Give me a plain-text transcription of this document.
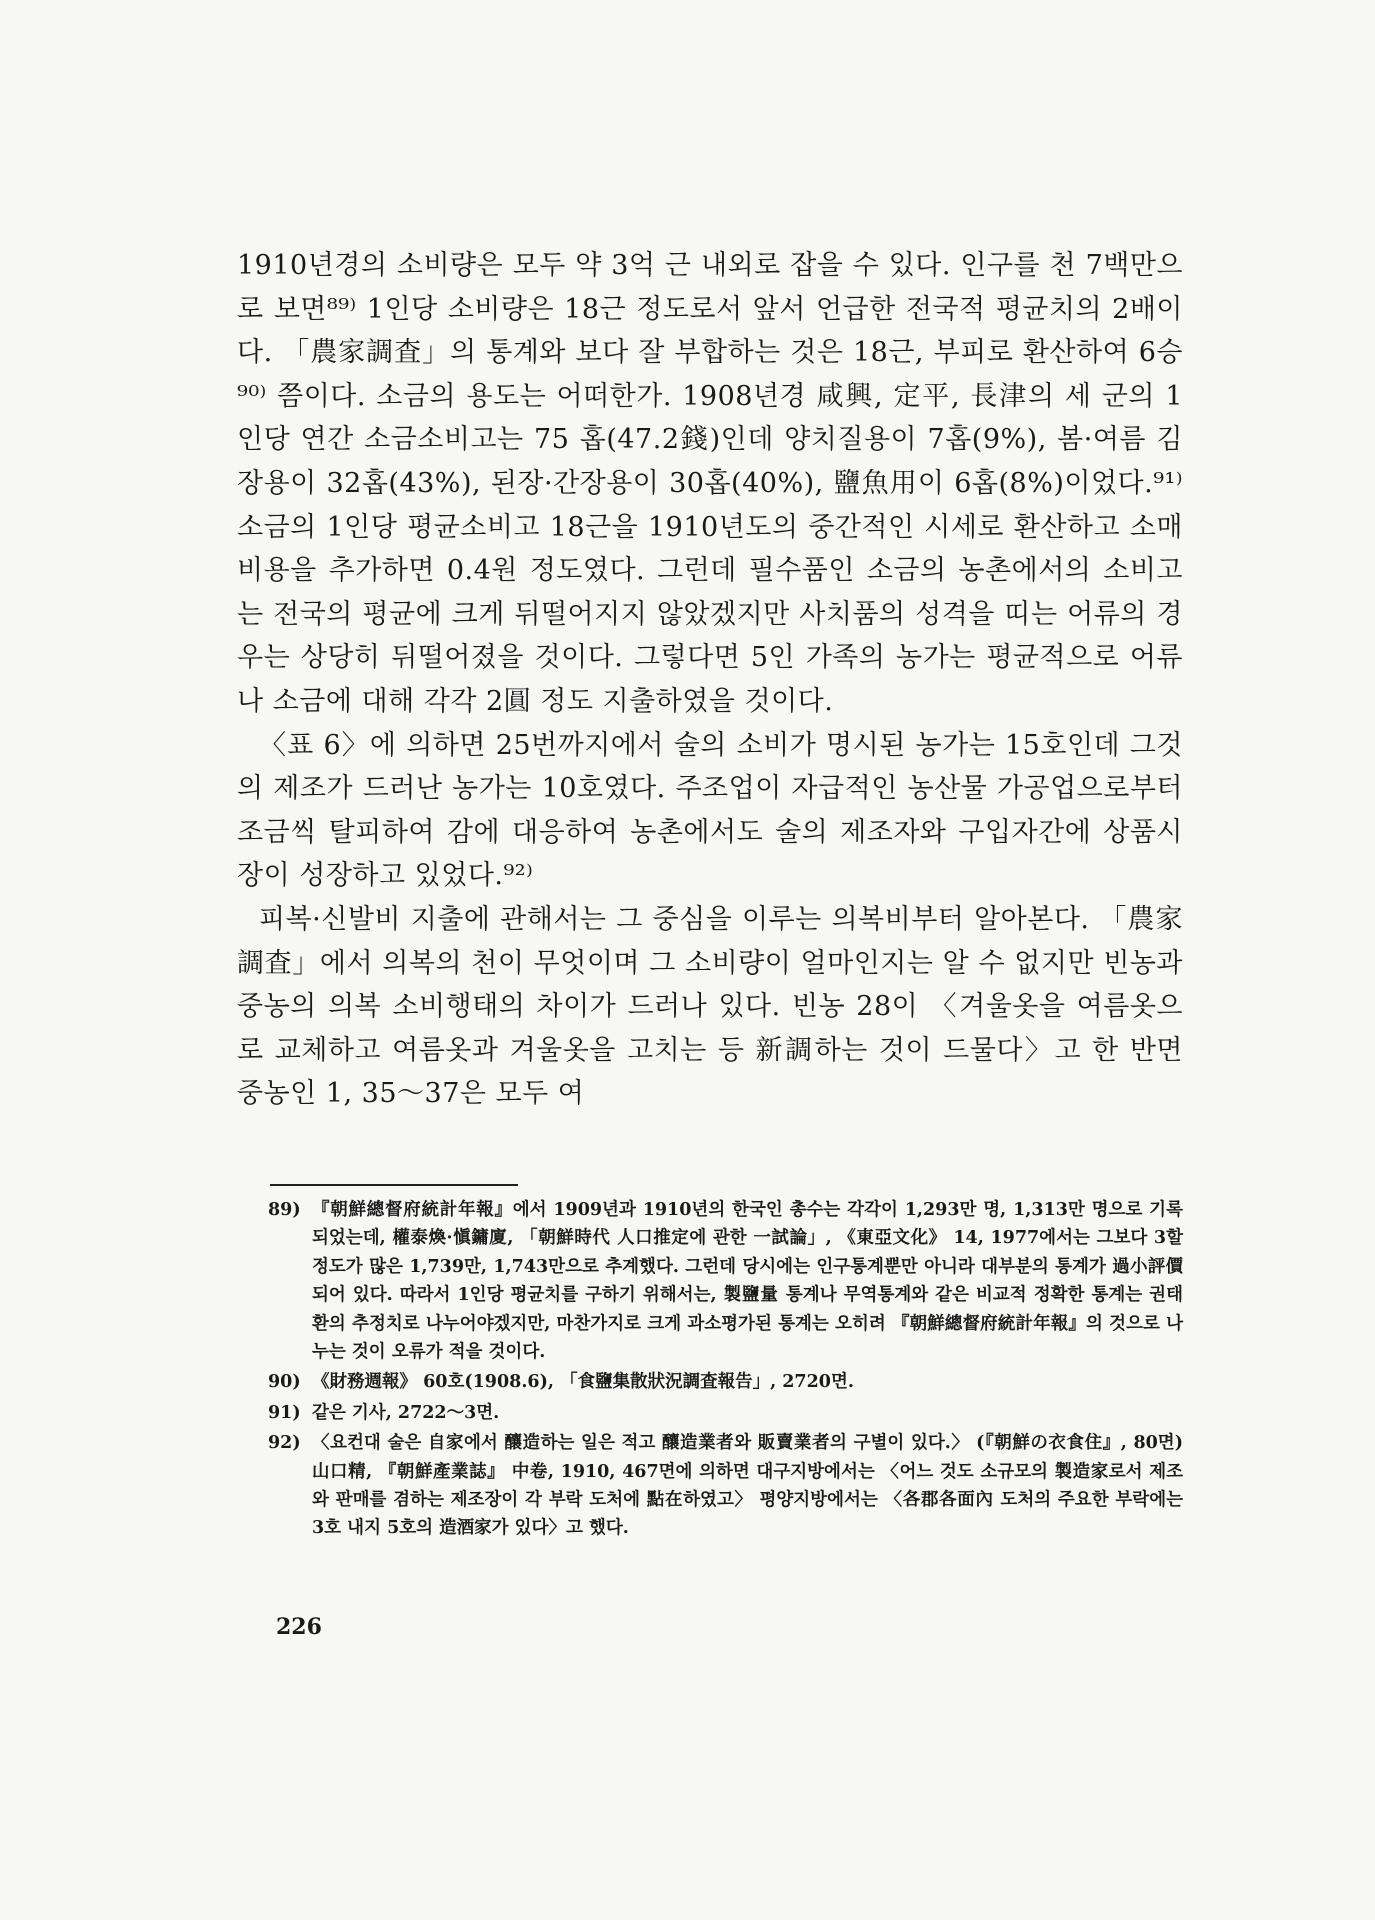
1910년경의 소비량은 모두 약 3억 근 내외로 잡을 수 있다. 인구를 천 7백만으로 보면⁸⁹⁾ 1인당 소비량은 18근 정도로서 앞서 언급한 전국적 평균치의 2배이다. 「農家調査」의 통계와 보다 잘 부합하는 것은 18근, 부피로 환산하여 6승⁹⁰⁾ 쯤이다. 소금의 용도는 어떠한가. 1908년경 咸興, 定平, 長津의 세 군의 1인당 연간 소금소비고는 75 홉(47.2錢)인데 양치질용이 7홉(9%), 봄·여름 김장용이 32홉(43%), 된장·간장용이 30홉(40%), 鹽魚用이 6홉(8%)이었다.⁹¹⁾ 소금의 1인당 평균소비고 18근을 1910년도의 중간적인 시세로 환산하고 소매비용을 추가하면 0.4원 정도였다. 그런데 필수품인 소금의 농촌에서의 소비고는 전국의 평균에 크게 뒤떨어지지 않았겠지만 사치품의 성격을 띠는 어류의 경우는 상당히 뒤떨어졌을 것이다. 그렇다면 5인 가족의 농가는 평균적으로 어류나 소금에 대해 각각 2圓 정도 지출하였을 것이다.

〈표 6〉에 의하면 25번까지에서 술의 소비가 명시된 농가는 15호인데 그것의 제조가 드러난 농가는 10호였다. 주조업이 자급적인 농산물 가공업으로부터 조금씩 탈피하여 감에 대응하여 농촌에서도 술의 제조자와 구입자간에 상품시장이 성장하고 있었다.⁹²⁾

피복·신발비 지출에 관해서는 그 중심을 이루는 의복비부터 알아본다. 「農家調査」에서 의복의 천이 무엇이며 그 소비량이 얼마인지는 알 수 없지만 빈농과 중농의 의복 소비행태의 차이가 드러나 있다. 빈농 28이 〈겨울옷을 여름옷으로 교체하고 여름옷과 겨울옷을 고치는 등 新調하는 것이 드물다〉고 한 반면 중농인 1, 35～37은 모두 여

89) 『朝鮮總督府統計年報』에서 1909년과 1910년의 한국인 총수는 각각이 1,293만 명, 1,313만 명으로 기록되었는데, 權泰煥·愼鏞廈, 「朝鮮時代 人口推定에 관한 一試論」, 《東亞文化》 14, 1977에서는 그보다 3할 정도가 많은 1,739만, 1,743만으로 추계했다. 그런데 당시에는 인구통계뿐만 아니라 대부분의 통계가 過小評價되어 있다. 따라서 1인당 평균치를 구하기 위해서는, 製鹽量 통계나 무역통계와 같은 비교적 정확한 통계는 권태환의 추정치로 나누어야겠지만, 마찬가지로 크게 과소평가된 통계는 오히려 『朝鮮總督府統計年報』의 것으로 나누는 것이 오류가 적을 것이다.
90) 《財務週報》 60호(1908.6), 「食鹽集散狀況調査報告」, 2720면.
91) 같은 기사, 2722～3면.
92) 〈요컨대 술은 自家에서 釀造하는 일은 적고 釀造業者와 販賣業者의 구별이 있다.〉 (『朝鮮の衣食住』, 80면) 山口精, 『朝鮮產業誌』 中卷, 1910, 467면에 의하면 대구지방에서는 〈어느 것도 소규모의 製造家로서 제조와 판매를 겸하는 제조장이 각 부락 도처에 點在하였고〉 평양지방에서는 〈各郡各面內 도처의 주요한 부락에는 3호 내지 5호의 造酒家가 있다〉고 했다.
226
